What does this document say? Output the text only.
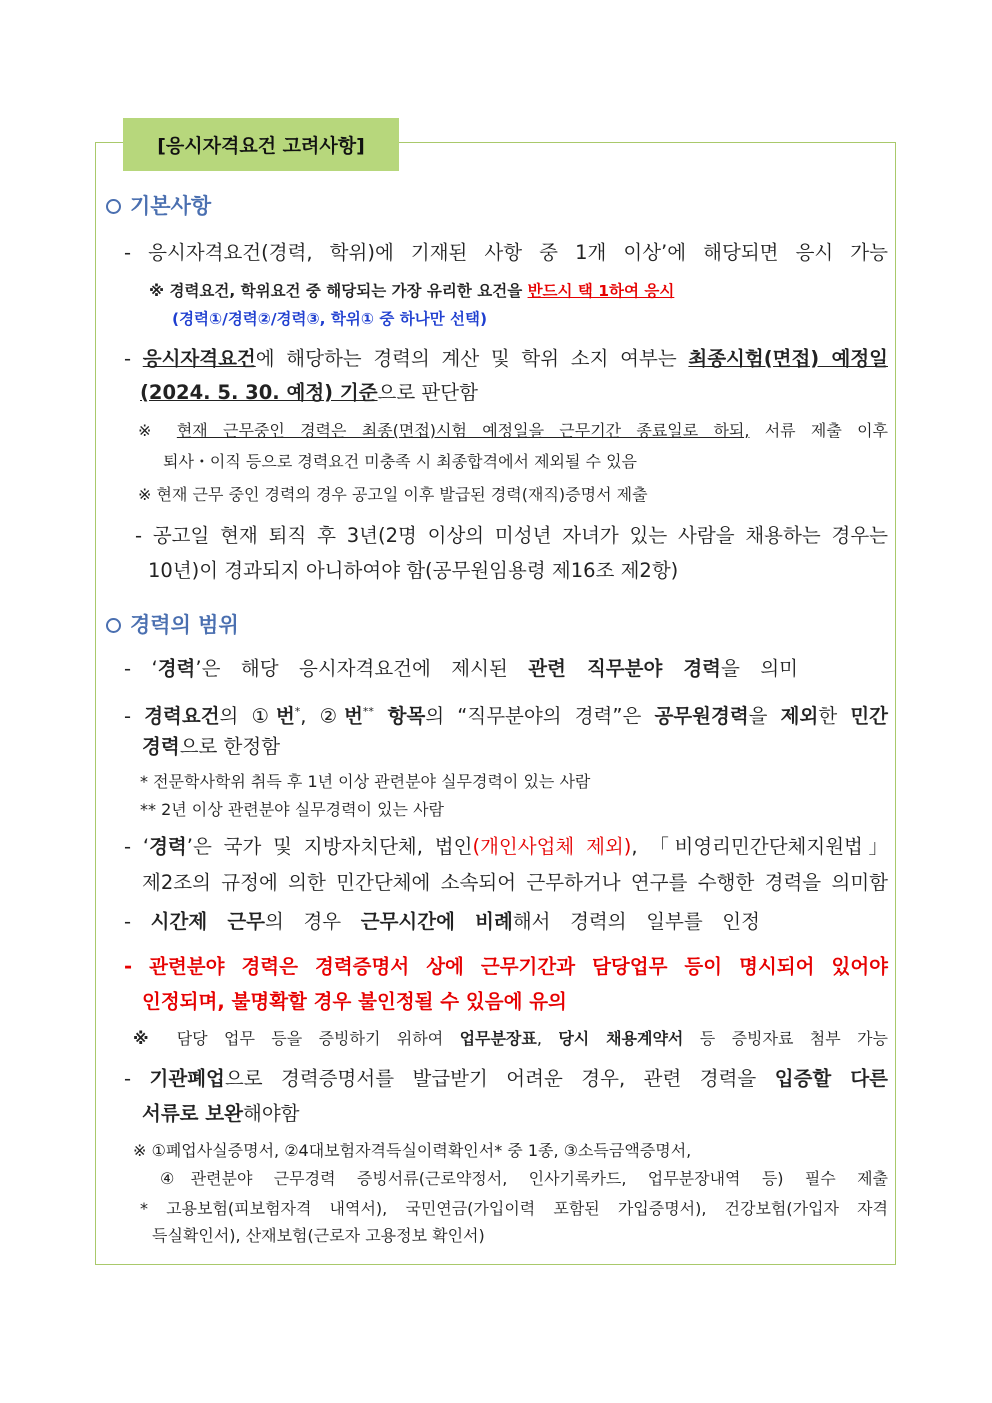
[응시자격요건 고려사항]
기본사항
- 응시자격요건(경력, 학위)에 기재된 사항 중 1개 이상’에 해당되면 응시 가능
※ 경력요건, 학위요건 중 해당되는 가장 유리한 요건을 반드시 택 1하여 응시
(경력①/경력②/경력③, 학위① 중 하나만 선택)
- 응시자격요건에 해당하는 경력의 계산 및 학위 소지 여부는 최종시험(면접) 예정일
(2024. 5. 30. 예정) 기준으로 판단함
※ 현재 근무중인 경력은 최종(면접)시험 예정일을 근무기간 종료일로 하되, 서류 제출 이후
퇴사・이직 등으로 경력요건 미충족 시 최종합격에서 제외될 수 있음
※ 현재 근무 중인 경력의 경우 공고일 이후 발급된 경력(재직)증명서 제출
- 공고일 현재 퇴직 후 3년(2명 이상의 미성년 자녀가 있는 사람을 채용하는 경우는
10년)이 경과되지 아니하여야 함(공무원임용령 제16조 제2항)
경력의 범위
- ‘경력’은 해당 응시자격요건에 제시된 관련 직무분야 경력을 의미
- 경력요건의 ①번*, ②번** 항목의 “직무분야의 경력”은 공무원경력을 제외한 민간
경력으로 한정함
* 전문학사학위 취득 후 1년 이상 관련분야 실무경력이 있는 사람
** 2년 이상 관련분야 실무경력이 있는 사람
- ‘경력’은 국가 및 지방자치단체, 법인(개인사업체 제외), 「비영리민간단체지원법」
제2조의 규정에 의한 민간단체에 소속되어 근무하거나 연구를 수행한 경력을 의미함
- 시간제 근무의 경우 근무시간에 비례해서 경력의 일부를 인정
- 관련분야 경력은 경력증명서 상에 근무기간과 담당업무 등이 명시되어 있어야
인정되며, 불명확할 경우 불인정될 수 있음에 유의
※ 담당 업무 등을 증빙하기 위하여 업무분장표, 당시 채용계약서 등 증빙자료 첨부 가능
- 기관폐업으로 경력증명서를 발급받기 어려운 경우, 관련 경력을 입증할 다른
서류로 보완해야함
※ ①폐업사실증명서, ②4대보험자격득실이력확인서* 중 1종, ③소득금액증명서,
④관련분야 근무경력 증빙서류(근로약정서, 인사기록카드, 업무분장내역 등) 필수 제출
* 고용보험(피보험자격 내역서), 국민연금(가입이력 포함된 가입증명서), 건강보험(가입자 자격
득실확인서), 산재보험(근로자 고용정보 확인서)
